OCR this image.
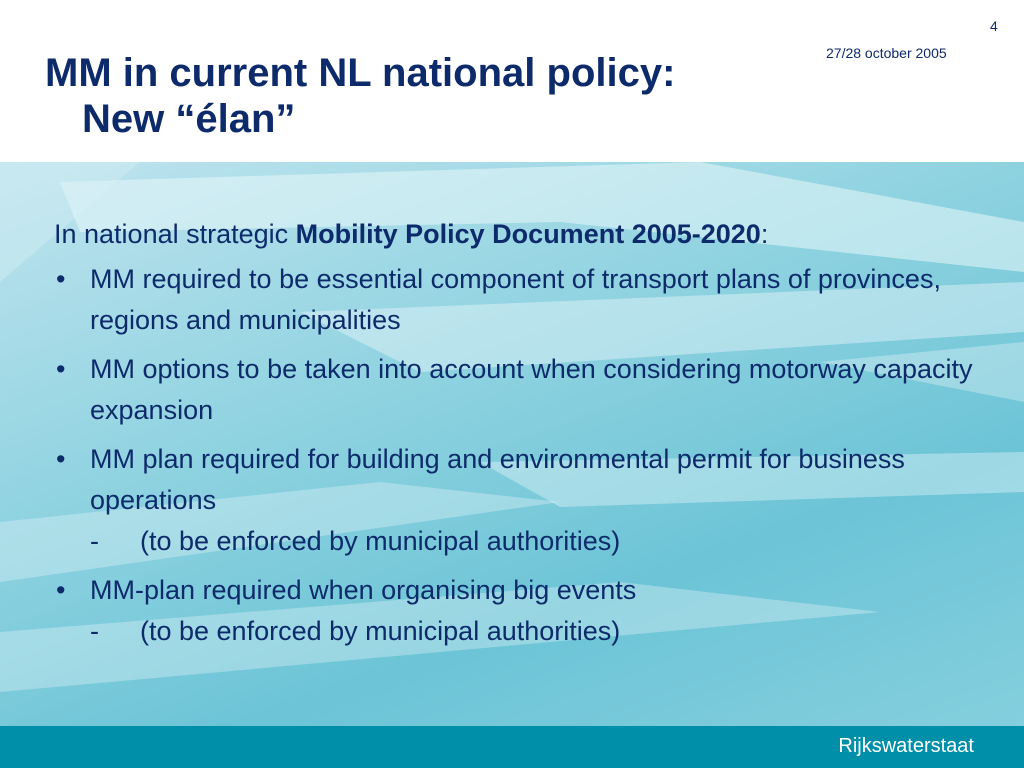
4
27/28 october 2005
MM in current NL national policy:
New “élan”

In national strategic Mobility Policy Document 2005-2020:

• MM required to be essential component of transport plans of provinces, regions and municipalities
• MM options to be taken into account when considering motorway capacity expansion
• MM plan required for building and environmental permit for business operations
- (to be enforced by municipal authorities)
• MM-plan required when organising big events
- (to be enforced by municipal authorities)
Rijkswaterstaat
